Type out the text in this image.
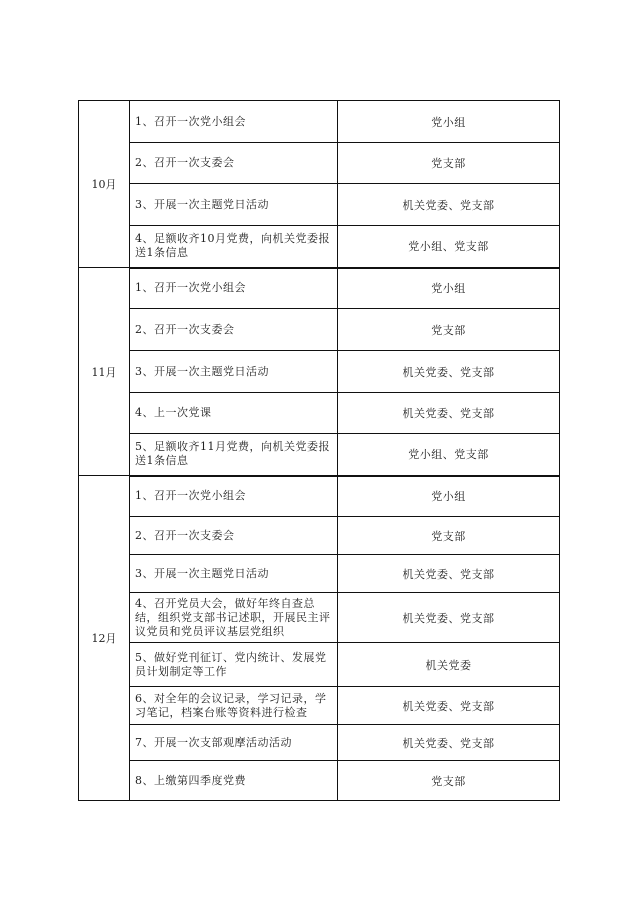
10月	1、召开一次党小组会	党小组
	2、召开一次支委会	党支部
	3、开展一次主题党日活动	机关党委、党支部
	4、足额收齐10月党费，向机关党委报送1条信息	党小组、党支部
11月	1、召开一次党小组会	党小组
	2、召开一次支委会	党支部
	3、开展一次主题党日活动	机关党委、党支部
	4、上一次党课	机关党委、党支部
	5、足额收齐11月党费，向机关党委报送1条信息	党小组、党支部
12月	1、召开一次党小组会	党小组
	2、召开一次支委会	党支部
	3、开展一次主题党日活动	机关党委、党支部
	4、召开党员大会，做好年终自查总结，组织党支部书记述职，开展民主评议党员和党员评议基层党组织	机关党委、党支部
	5、做好党刊征订、党内统计、发展党员计划制定等工作	机关党委
	6、对全年的会议记录，学习记录，学习笔记，档案台账等资料进行检查	机关党委、党支部
	7、开展一次支部观摩活动活动	机关党委、党支部
	8、上缴第四季度党费	党支部
